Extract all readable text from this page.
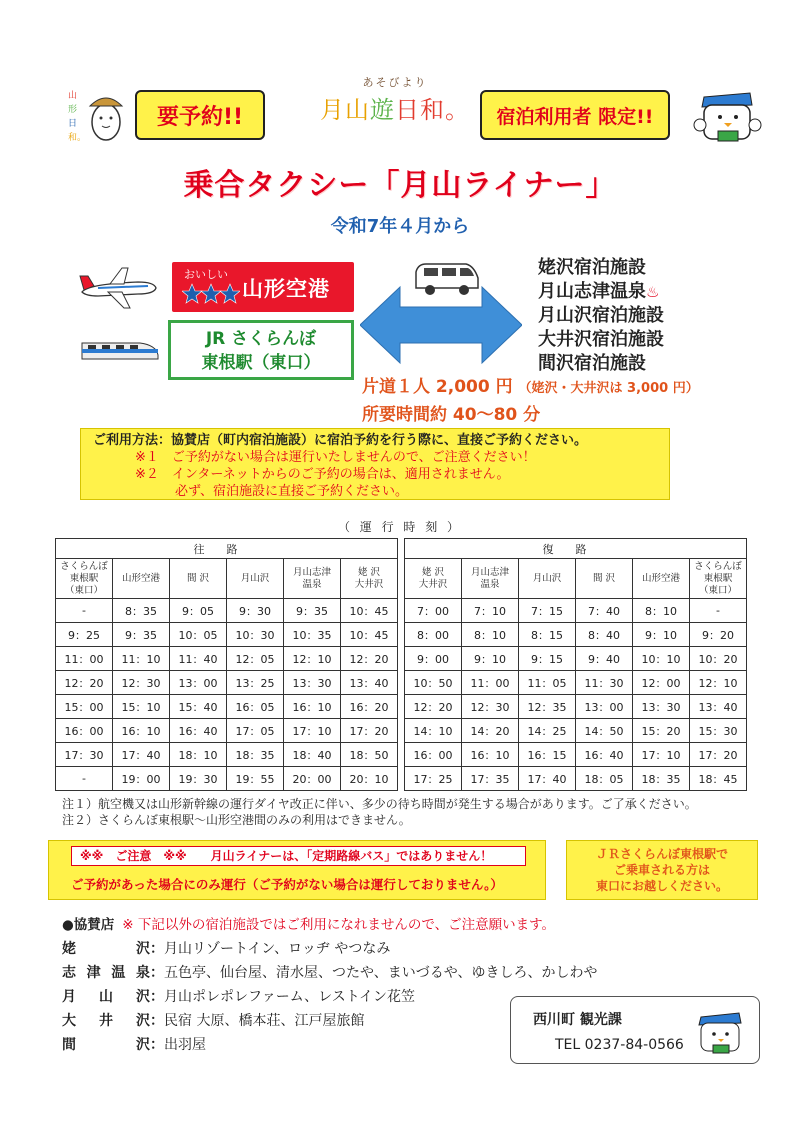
山
形
日
和。
要予約!!
あそびより
月山遊日和。	宿泊利用者 限定!!
乗合タクシー「月山ライナー」
令和7年４月から
おいしい
山形空港
JR さくらんぼ
東根駅（東口）
姥沢宿泊施設
月山志津温泉♨
月山沢宿泊施設
大井沢宿泊施設
間沢宿泊施設
片道１人 2,000 円 （姥沢・大井沢は 3,000 円）
所要時間約 40～80 分
ご利用方法：協賛店（町内宿泊施設）に宿泊予約を行う際に、直接ご予約ください。
※１　ご予約がない場合は運行いたしませんので、ご注意ください！
※２　インターネットからのご予約の場合は、適用されません。
必ず、宿泊施設に直接ご予約ください。
（ 運 行 時 刻 ）
往路					
さくらんぼ
東根駅
（東口）	山形空港	間 沢	月山沢	月山志津
温泉	姥 沢
大井沢
-	8：35	9：05	9：30	9：35	10：45
9：25	9：35	10：05	10：30	10：35	10：45
11：00	11：10	11：40	12：05	12：10	12：20
12：20	12：30	13：00	13：25	13：30	13：40
15：00	15：10	15：40	16：05	16：10	16：20
16：00	16：10	16：40	17：05	17：10	17：20
17：30	17：40	18：10	18：35	18：40	18：50
-	19：00	19：30	19：55	20：00	20：10
復路					
姥 沢
大井沢	月山志津
温泉	月山沢	間 沢	山形空港	さくらんぼ
東根駅
（東口）
7：00	7：10	7：15	7：40	8：10	-
8：00	8：10	8：15	8：40	9：10	9：20
9：00	9：10	9：15	9：40	10：10	10：20
10：50	11：00	11：05	11：30	12：00	12：10
12：20	12：30	12：35	13：00	13：30	13：40
14：10	14：20	14：25	14：50	15：20	15：30
16：00	16：10	16：15	16：40	17：10	17：20
17：25	17：35	17：40	18：05	18：35	18：45
注１）航空機又は山形新幹線の運行ダイヤ改正に伴い、多少の待ち時間が発生する場合があります。ご了承ください。
注２）さくらんぼ東根駅～山形空港間のみの利用はできません。
※※　ご注意　※※　　月山ライナーは、「定期路線バス」ではありません！
ご予約があった場合にのみ運行（ご予約がない場合は運行しておりません。）
ＪＲさくらんぼ東根駅で
ご乗車される方は
東口にお越しください。
●協賛店 ※ 下記以外の宿泊施設ではご利用になれませんので、ご注意願います。
姥沢：月山リゾートイン、ロッヂ やつなみ
志津温泉：五色亭、仙台屋、清水屋、つたや、まいづるや、ゆきしろ、かしわや
月山沢：月山ポレポレファーム、レストイン花笠
大井沢：民宿 大原、橋本荘、江戸屋旅館
間沢：出羽屋
西川町 観光課
TEL 0237-84-0566
